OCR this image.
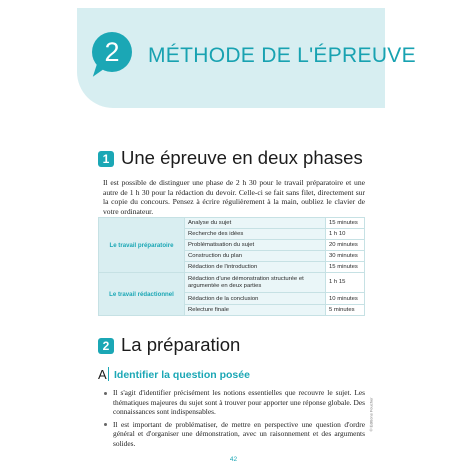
2	MÉTHODE DE L'ÉPREUVE
1 Une épreuve en deux phases

Il est possible de distinguer une phase de 2 h 30 pour le travail préparatoire et une autre de 1 h 30 pour la rédaction du devoir. Celle-ci se fait sans filet, directement sur la copie du concours. Pensez à écrire régulièrement à la main, oubliez le clavier de votre ordinateur.

Le travail préparatoire	Analyse du sujet	15 minutes
	Recherche des idées	1 h 10
	Problématisation du sujet	20 minutes
	Construction du plan	30 minutes
	Rédaction de l'introduction	15 minutes
Le travail rédactionnel	Rédaction d'une démonstration structurée et argumentée en deux parties	1 h 15
	Rédaction de la conclusion	10 minutes
	Relecture finale	5 minutes
2 La préparation
A Identifier la question posée
Il s'agit d'identifier précisément les notions essentielles que recouvre le sujet. Les thématiques majeures du sujet sont à trouver pour apporter une réponse globale. Des connaissances sont indispensables.
Il est important de problématiser, de mettre en perspective une question d'ordre général et d'organiser une démonstration, avec un raisonnement et des arguments solides.
© Éditions Foucher
42
